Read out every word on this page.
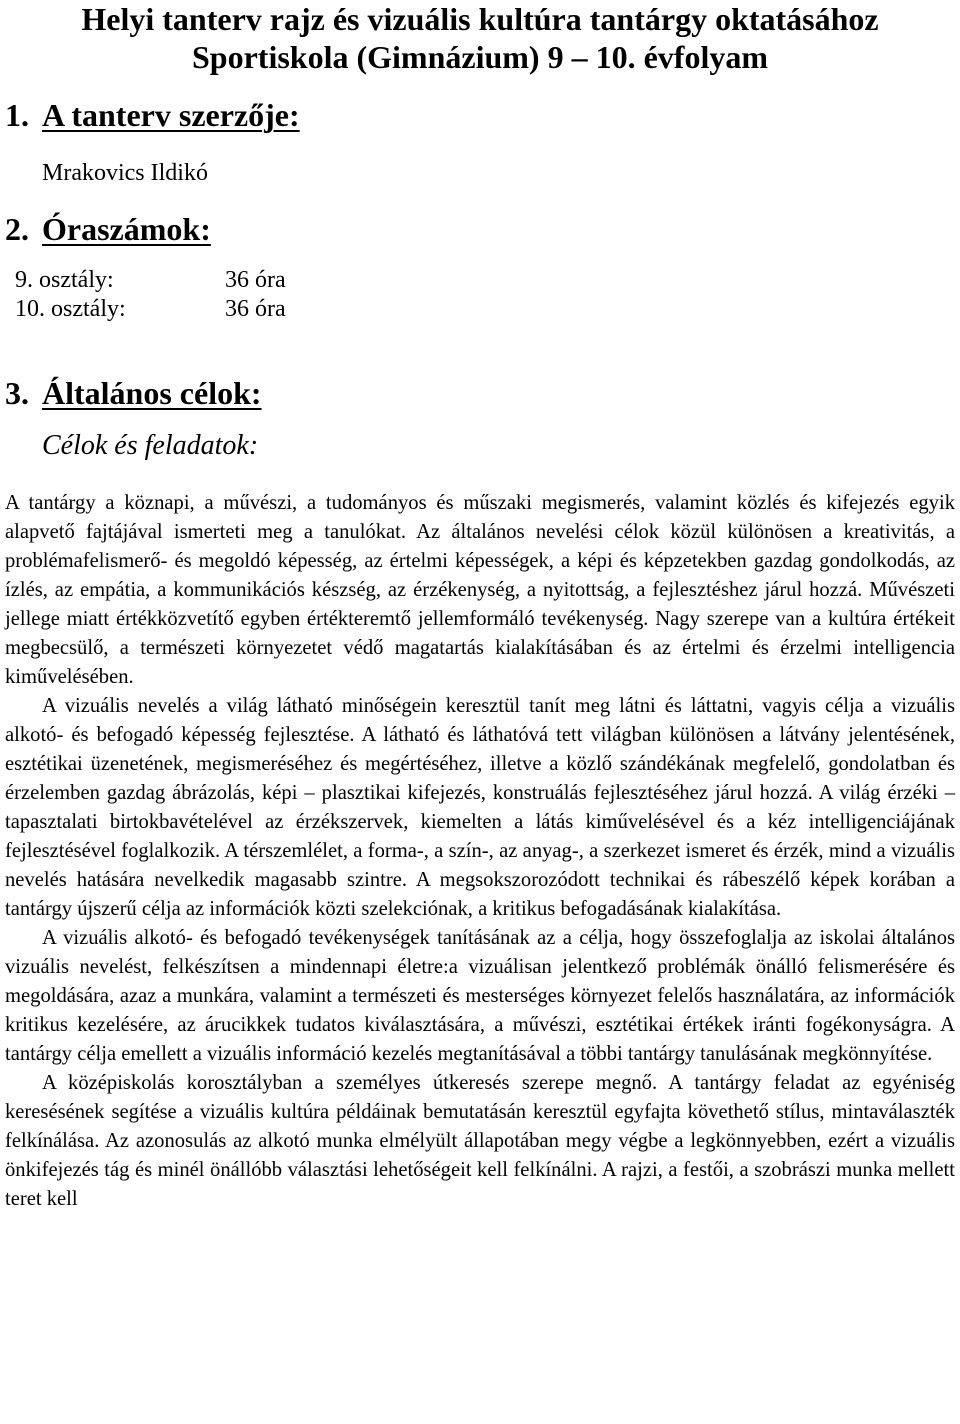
Helyi tanterv rajz és vizuális kultúra tantárgy oktatásához
Sportiskola (Gimnázium) 9 – 10. évfolyam
1. A tanterv szerzője:
Mrakovics Ildikó
2. Óraszámok:
9. osztály:	36 óra
10. osztály:	36 óra
3. Általános célok:
Célok és feladatok:

A tantárgy a köznapi, a művészi, a tudományos és műszaki megismerés, valamint közlés és kifejezés egyik alapvető fajtájával ismerteti meg a tanulókat. Az általános nevelési célok közül különösen a kreativitás, a problémafelismerő- és megoldó képesség, az értelmi képességek, a képi és képzetekben gazdag gondolkodás, az ízlés, az empátia, a kommunikációs készség, az érzékenység, a nyitottság, a fejlesztéshez járul hozzá. Művészeti jellege miatt értékközvetítő egyben értékteremtő jellemformáló tevékenység. Nagy szerepe van a kultúra értékeit megbecsülő, a természeti környezetet védő magatartás kialakításában és az értelmi és érzelmi intelligencia kiművelésében.

A vizuális nevelés a világ látható minőségein keresztül tanít meg látni és láttatni, vagyis célja a vizuális alkotó- és befogadó képesség fejlesztése. A látható és láthatóvá tett világban különösen a látvány jelentésének, esztétikai üzenetének, megismeréséhez és megértéséhez, illetve a közlő szándékának megfelelő, gondolatban és érzelemben gazdag ábrázolás, képi – plasztikai kifejezés, konstruálás fejlesztéséhez járul hozzá. A világ érzéki –tapasztalati birtokbavételével az érzékszervek, kiemelten a látás kiművelésével és a kéz intelligenciájának fejlesztésével foglalkozik. A térszemlélet, a forma-, a szín-, az anyag-, a szerkezet ismeret és érzék, mind a vizuális nevelés hatására nevelkedik magasabb szintre. A megsokszorozódott technikai és rábeszélő képek korában a tantárgy újszerű célja az információk közti szelekciónak, a kritikus befogadásának kialakítása.

A vizuális alkotó- és befogadó tevékenységek tanításának az a célja, hogy összefoglalja az iskolai általános vizuális nevelést, felkészítsen a mindennapi életre:a vizuálisan jelentkező problémák önálló felismerésére és megoldására, azaz a munkára, valamint a természeti és mesterséges környezet felelős használatára, az információk kritikus kezelésére, az árucikkek tudatos kiválasztására, a művészi, esztétikai értékek iránti fogékonyságra. A tantárgy célja emellett a vizuális információ kezelés megtanításával a többi tantárgy tanulásának megkönnyítése.

A középiskolás korosztályban a személyes útkeresés szerepe megnő. A tantárgy feladat az egyéniség keresésének segítése a vizuális kultúra példáinak bemutatásán keresztül egyfajta követhető stílus, mintaválaszték felkínálása. Az azonosulás az alkotó munka elmélyült állapotában megy végbe a legkönnyebben, ezért a vizuális önkifejezés tág és minél önállóbb választási lehetőségeit kell felkínálni. A rajzi, a festői, a szobrászi munka mellett teret kell
